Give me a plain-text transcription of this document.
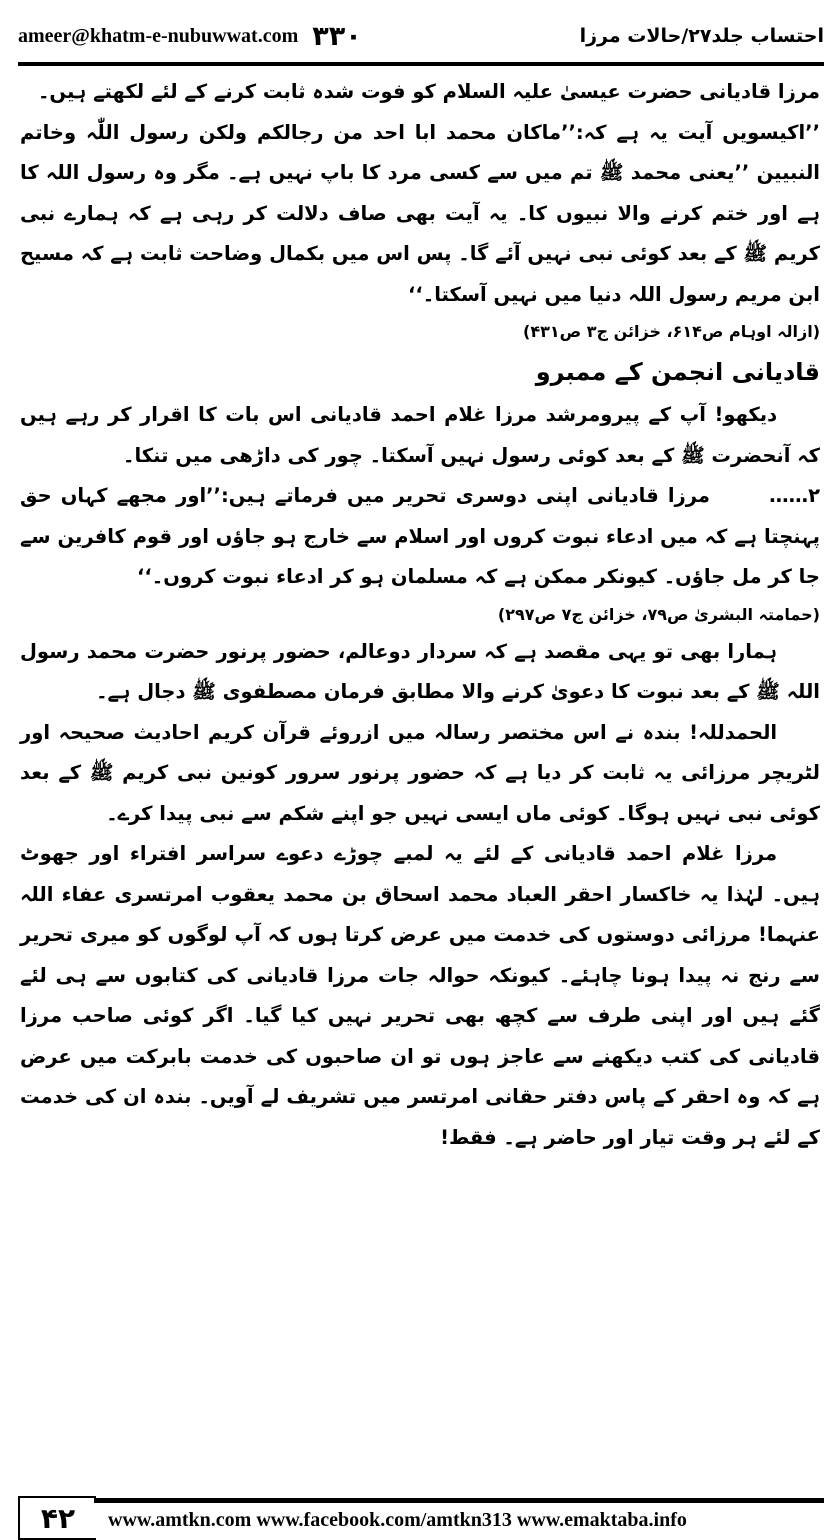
ameer@khatm-e-nubuwwat.com ۳۳۰	احتساب جلد۲۷/حالات مرزا

مرزا قادیانی حضرت عیسیٰ علیہ السلام کو فوت شدہ ثابت کرنے کے لئے لکھتے ہیں۔

’’اکیسویں آیت یہ ہے کہ:’’ماکان محمد ابا احد من رجالکم ولکن رسول اللّٰہ وخاتم النبیین ’’یعنی محمد ﷺ تم میں سے کسی مرد کا باپ نہیں ہے۔ مگر وہ رسول اللہ کا ہے اور ختم کرنے والا نبیوں کا۔ یہ آیت بھی صاف دلالت کر رہی ہے کہ ہمارے نبی کریم ﷺ کے بعد کوئی نبی نہیں آئے گا۔ پس اس میں بکمال وضاحت ثابت ہے کہ مسیح ابن مریم رسول اللہ دنیا میں نہیں آسکتا۔‘‘

(ازالہ اوہام ص۶۱۴، خزائن ج۳ ص۴۳۱)

قادیانی انجمن کے ممبرو

دیکھو! آپ کے پیرومرشد مرزا غلام احمد قادیانی اس بات کا اقرار کر رہے ہیں کہ آنحضرت ﷺ کے بعد کوئی رسول نہیں آسکتا۔ چور کی داڑھی میں تنکا۔

۲…… مرزا قادیانی اپنی دوسری تحریر میں فرماتے ہیں:’’اور مجھے کہاں حق پہنچتا ہے کہ میں ادعاء نبوت کروں اور اسلام سے خارج ہو جاؤں اور قوم کافرین سے جا کر مل جاؤں۔ کیونکر ممکن ہے کہ مسلمان ہو کر ادعاء نبوت کروں۔‘‘

(حمامتہ البشریٰ ص۷۹، خزائن ج۷ ص۲۹۷)

ہمارا بھی تو یہی مقصد ہے کہ سردار دوعالم، حضور پرنور حضرت محمد رسول اللہ ﷺ کے بعد نبوت کا دعویٰ کرنے والا مطابق فرمان مصطفوی ﷺ دجال ہے۔

الحمدللہ! بندہ نے اس مختصر رسالہ میں ازروئے قرآن کریم احادیث صحیحہ اور لٹریچر مرزائی یہ ثابت کر دیا ہے کہ حضور پرنور سرور کونین نبی کریم ﷺ کے بعد کوئی نبی نہیں ہوگا۔ کوئی ماں ایسی نہیں جو اپنے شکم سے نبی پیدا کرے۔

مرزا غلام احمد قادیانی کے لئے یہ لمبے چوڑے دعوے سراسر افتراء اور جھوٹ ہیں۔ لہٰذا یہ خاکسار احقر العباد محمد اسحاق بن محمد یعقوب امرتسری عفاء اللہ عنہما! مرزائی دوستوں کی خدمت میں عرض کرتا ہوں کہ آپ لوگوں کو میری تحریر سے رنج نہ پیدا ہونا چاہئے۔ کیونکہ حوالہ جات مرزا قادیانی کی کتابوں سے ہی لئے گئے ہیں اور اپنی طرف سے کچھ بھی تحریر نہیں کیا گیا۔ اگر کوئی صاحب مرزا قادیانی کی کتب دیکھنے سے عاجز ہوں تو ان صاحبوں کی خدمت بابرکت میں عرض ہے کہ وہ احقر کے پاس دفتر حقانی امرتسر میں تشریف لے آویں۔ بندہ ان کی خدمت کے لئے ہر وقت تیار اور حاضر ہے۔ فقط!

۴۲	www.amtkn.com www.facebook.com/amtkn313 www.emaktaba.info
